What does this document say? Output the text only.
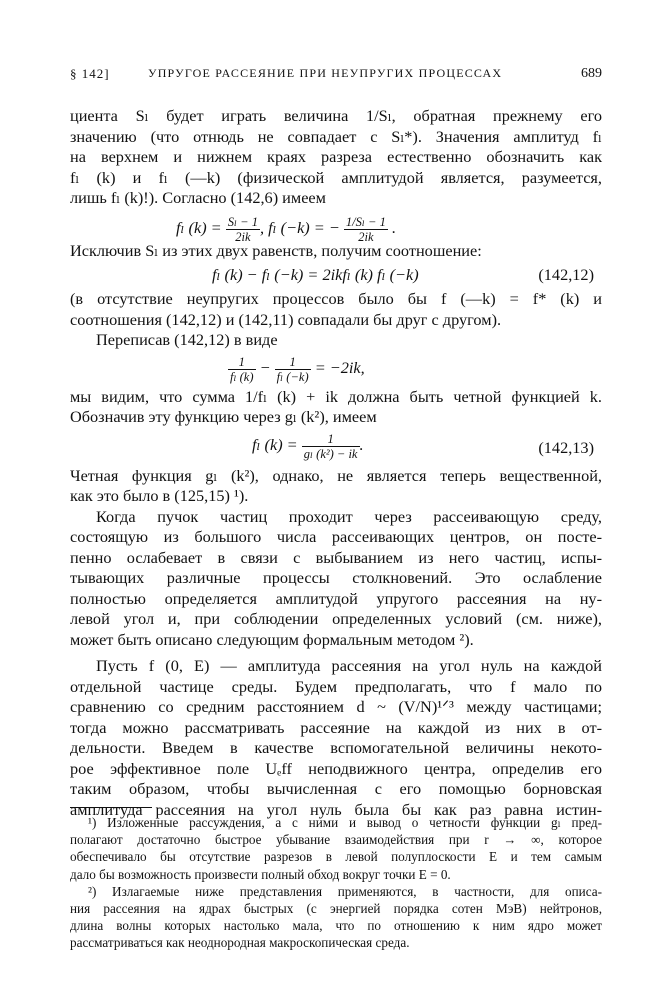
§ 142]	УПРУГОЕ РАССЕЯНИЕ ПРИ НЕУПРУГИХ ПРОЦЕССАХ	689
циента Sₗ будет играть величина 1/Sₗ, обратная прежнему его
значению (что отнюдь не совпадает с Sₗ*). Значения амплитуд fₗ
на верхнем и нижнем краях разреза естественно обозначить как
fₗ (k) и fₗ (—k) (физической амплитудой является, разумеется,
лишь fₗ (k)!). Согласно (142,6) имеем
fₗ $(k) = \frac{\text{Sₗ − 1}}{2ik}$ , fₗ (−k) = − $\frac{\text{1/Sₗ − 1}}{2ik}$ .
Исключив Sₗ из этих двух равенств, получим соотношение:
fₗ (k) − fₗ (−k) = 2ikfₗ (k) fₗ (−k)	(142,12)
(в отсутствие неупругих процессов было бы f (—k) = f* (k) и
соотношения (142,12) и (142,11) совпадали бы друг с другом).
Переписав (142,12) в виде
$\frac{1}{\text{fₗ (k)}} - \frac{1}{\text{fₗ (−k)}} = -2ik$,
мы видим, что сумма 1/fₗ (k) + ik должна быть четной функцией k.
Обозначив эту функцию через gₗ (k²), имеем
fₗ $(k) = \frac{1}{\text{gₗ (k²) − ik}}$ .	(142,13)
Четная функция gₗ (k²), однако, не является теперь вещественной,
как это было в (125,15) ¹).
Когда пучок частиц проходит через рассеивающую среду,
состоящую из большого числа рассеивающих центров, он посте-
пенно ослабевает в связи с выбыванием из него частиц, испы-
тывающих различные процессы столкновений. Это ослабление
полностью определяется амплитудой упругого рассеяния на ну-
левой угол и, при соблюдении определенных условий (см. ниже),
может быть описано следующим формальным методом ²).
Пусть f (0, E) — амплитуда рассеяния на угол нуль на каждой
отдельной частице среды. Будем предполагать, что f мало по
сравнению со средним расстоянием d ~ (V/N)¹ᐟ³ между частицами;
тогда можно рассматривать рассеяние на каждой из них в от-
дельности. Введем в качестве вспомогательной величины некото-
рое эффективное поле Uₑff неподвижного центра, определив его
таким образом, чтобы вычисленная с его помощью борновская
амплитуда рассеяния на угол нуль была бы как раз равна истин-
¹) Изложенные рассуждения, а с ними и вывод о четности функции gₗ пред-
полагают достаточно быстрое убывание взаимодействия при r → ∞, которое
обеспечивало бы отсутствие разрезов в левой полуплоскости E и тем самым
дало бы возможность произвести полный обход вокруг точки E = 0.
²) Излагаемые ниже представления применяются, в частности, для описа-
ния рассеяния на ядрах быстрых (с энергией порядка сотен МэВ) нейтронов,
длина волны которых настолько мала, что по отношению к ним ядро может
рассматриваться как неоднородная макроскопическая среда.
